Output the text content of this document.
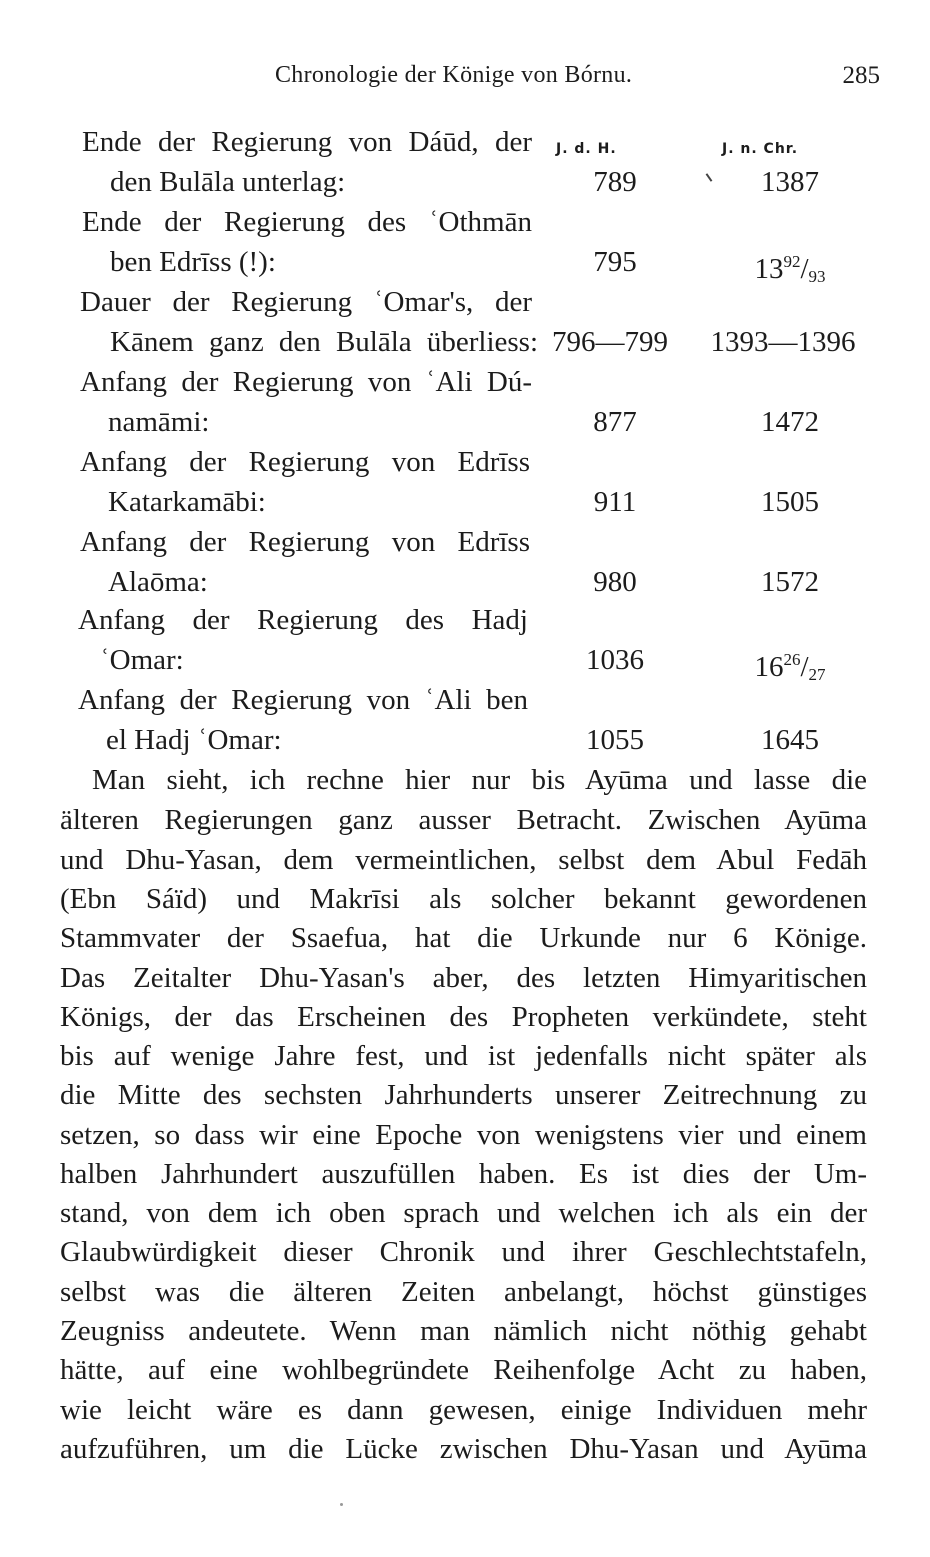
Chronologie der Könige von Bórnu.	285
J. d. H.	J. n. Chr.
Ende der Regierung von Dáūd, der
den Bulāla unterlag:	789	1387
Ende der Regierung des ʿOthmān
ben Edrīss (!):	795	$13^{92}/_{93}$
Dauer der Regierung ʿOmar's, der
Kānem ganz den Bulāla überliess: 796—799	1393—1396
Anfang der Regierung von ʿAli Dú-
namāmi:	877	1472
Anfang der Regierung von Edrīss
Katarkamābi:	911	1505
Anfang der Regierung von Edrīss
Alaōma:	980	1572
Anfang der Regierung des Hadj
ʿOmar:	1036	$16^{26}/_{27}$
Anfang der Regierung von ʿAli ben
el Hadj ʿOmar:	1055	1645
Man sieht, ich rechne hier nur bis Ayūma und lasse die
älteren Regierungen ganz ausser Betracht. Zwischen Ayūma
und Dhu-Yasan, dem vermeintlichen, selbst dem Abul Fedāh
(Ebn Sáïd) und Makrīsi als solcher bekannt gewordenen
Stammvater der Ssaefua, hat die Urkunde nur 6 Könige.
Das Zeitalter Dhu-Yasan's aber, des letzten Himyaritischen
Königs, der das Erscheinen des Propheten verkündete, steht
bis auf wenige Jahre fest, und ist jedenfalls nicht später als
die Mitte des sechsten Jahrhunderts unserer Zeitrechnung zu
setzen, so dass wir eine Epoche von wenigstens vier und einem
halben Jahrhundert auszufüllen haben. Es ist dies der Um-
stand, von dem ich oben sprach und welchen ich als ein der
Glaubwürdigkeit dieser Chronik und ihrer Geschlechtstafeln,
selbst was die älteren Zeiten anbelangt, höchst günstiges
Zeugniss andeutete. Wenn man nämlich nicht nöthig gehabt
hätte, auf eine wohlbegründete Reihenfolge Acht zu haben,
wie leicht wäre es dann gewesen, einige Individuen mehr
aufzuführen, um die Lücke zwischen Dhu-Yasan und Ayūma
